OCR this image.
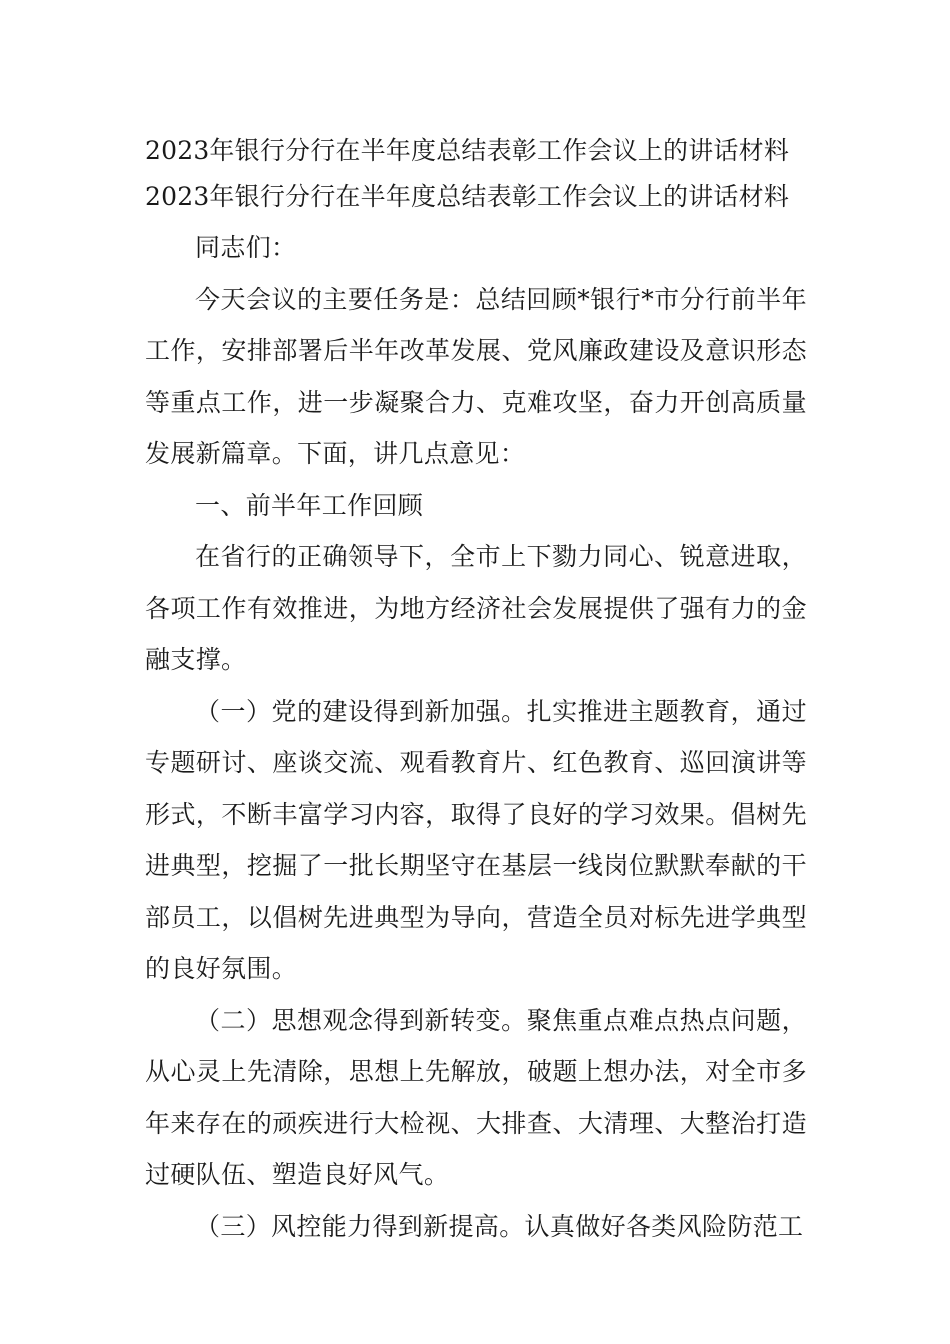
2023年银行分行在半年度总结表彰工作会议上的讲话材料
2023年银行分行在半年度总结表彰工作会议上的讲话材料

同志们：

今天会议的主要任务是：总结回顾*银行*市分行前半年工作，安排部署后半年改革发展、党风廉政建设及意识形态等重点工作，进一步凝聚合力、克难攻坚，奋力开创高质量发展新篇章。下面，讲几点意见：

一、前半年工作回顾

在省行的正确领导下，全市上下勠力同心、锐意进取，各项工作有效推进，为地方经济社会发展提供了强有力的金融支撑。

（一）党的建设得到新加强。扎实推进主题教育，通过专题研讨、座谈交流、观看教育片、红色教育、巡回演讲等形式，不断丰富学习内容，取得了良好的学习效果。倡树先进典型，挖掘了一批长期坚守在基层一线岗位默默奉献的干部员工，以倡树先进典型为导向，营造全员对标先进学典型的良好氛围。

（二）思想观念得到新转变。聚焦重点难点热点问题，从心灵上先清除，思想上先解放，破题上想办法，对全市多年来存在的顽疾进行大检视、大排查、大清理、大整治打造过硬队伍、塑造良好风气。

（三）风控能力得到新提高。认真做好各类风险防范工
